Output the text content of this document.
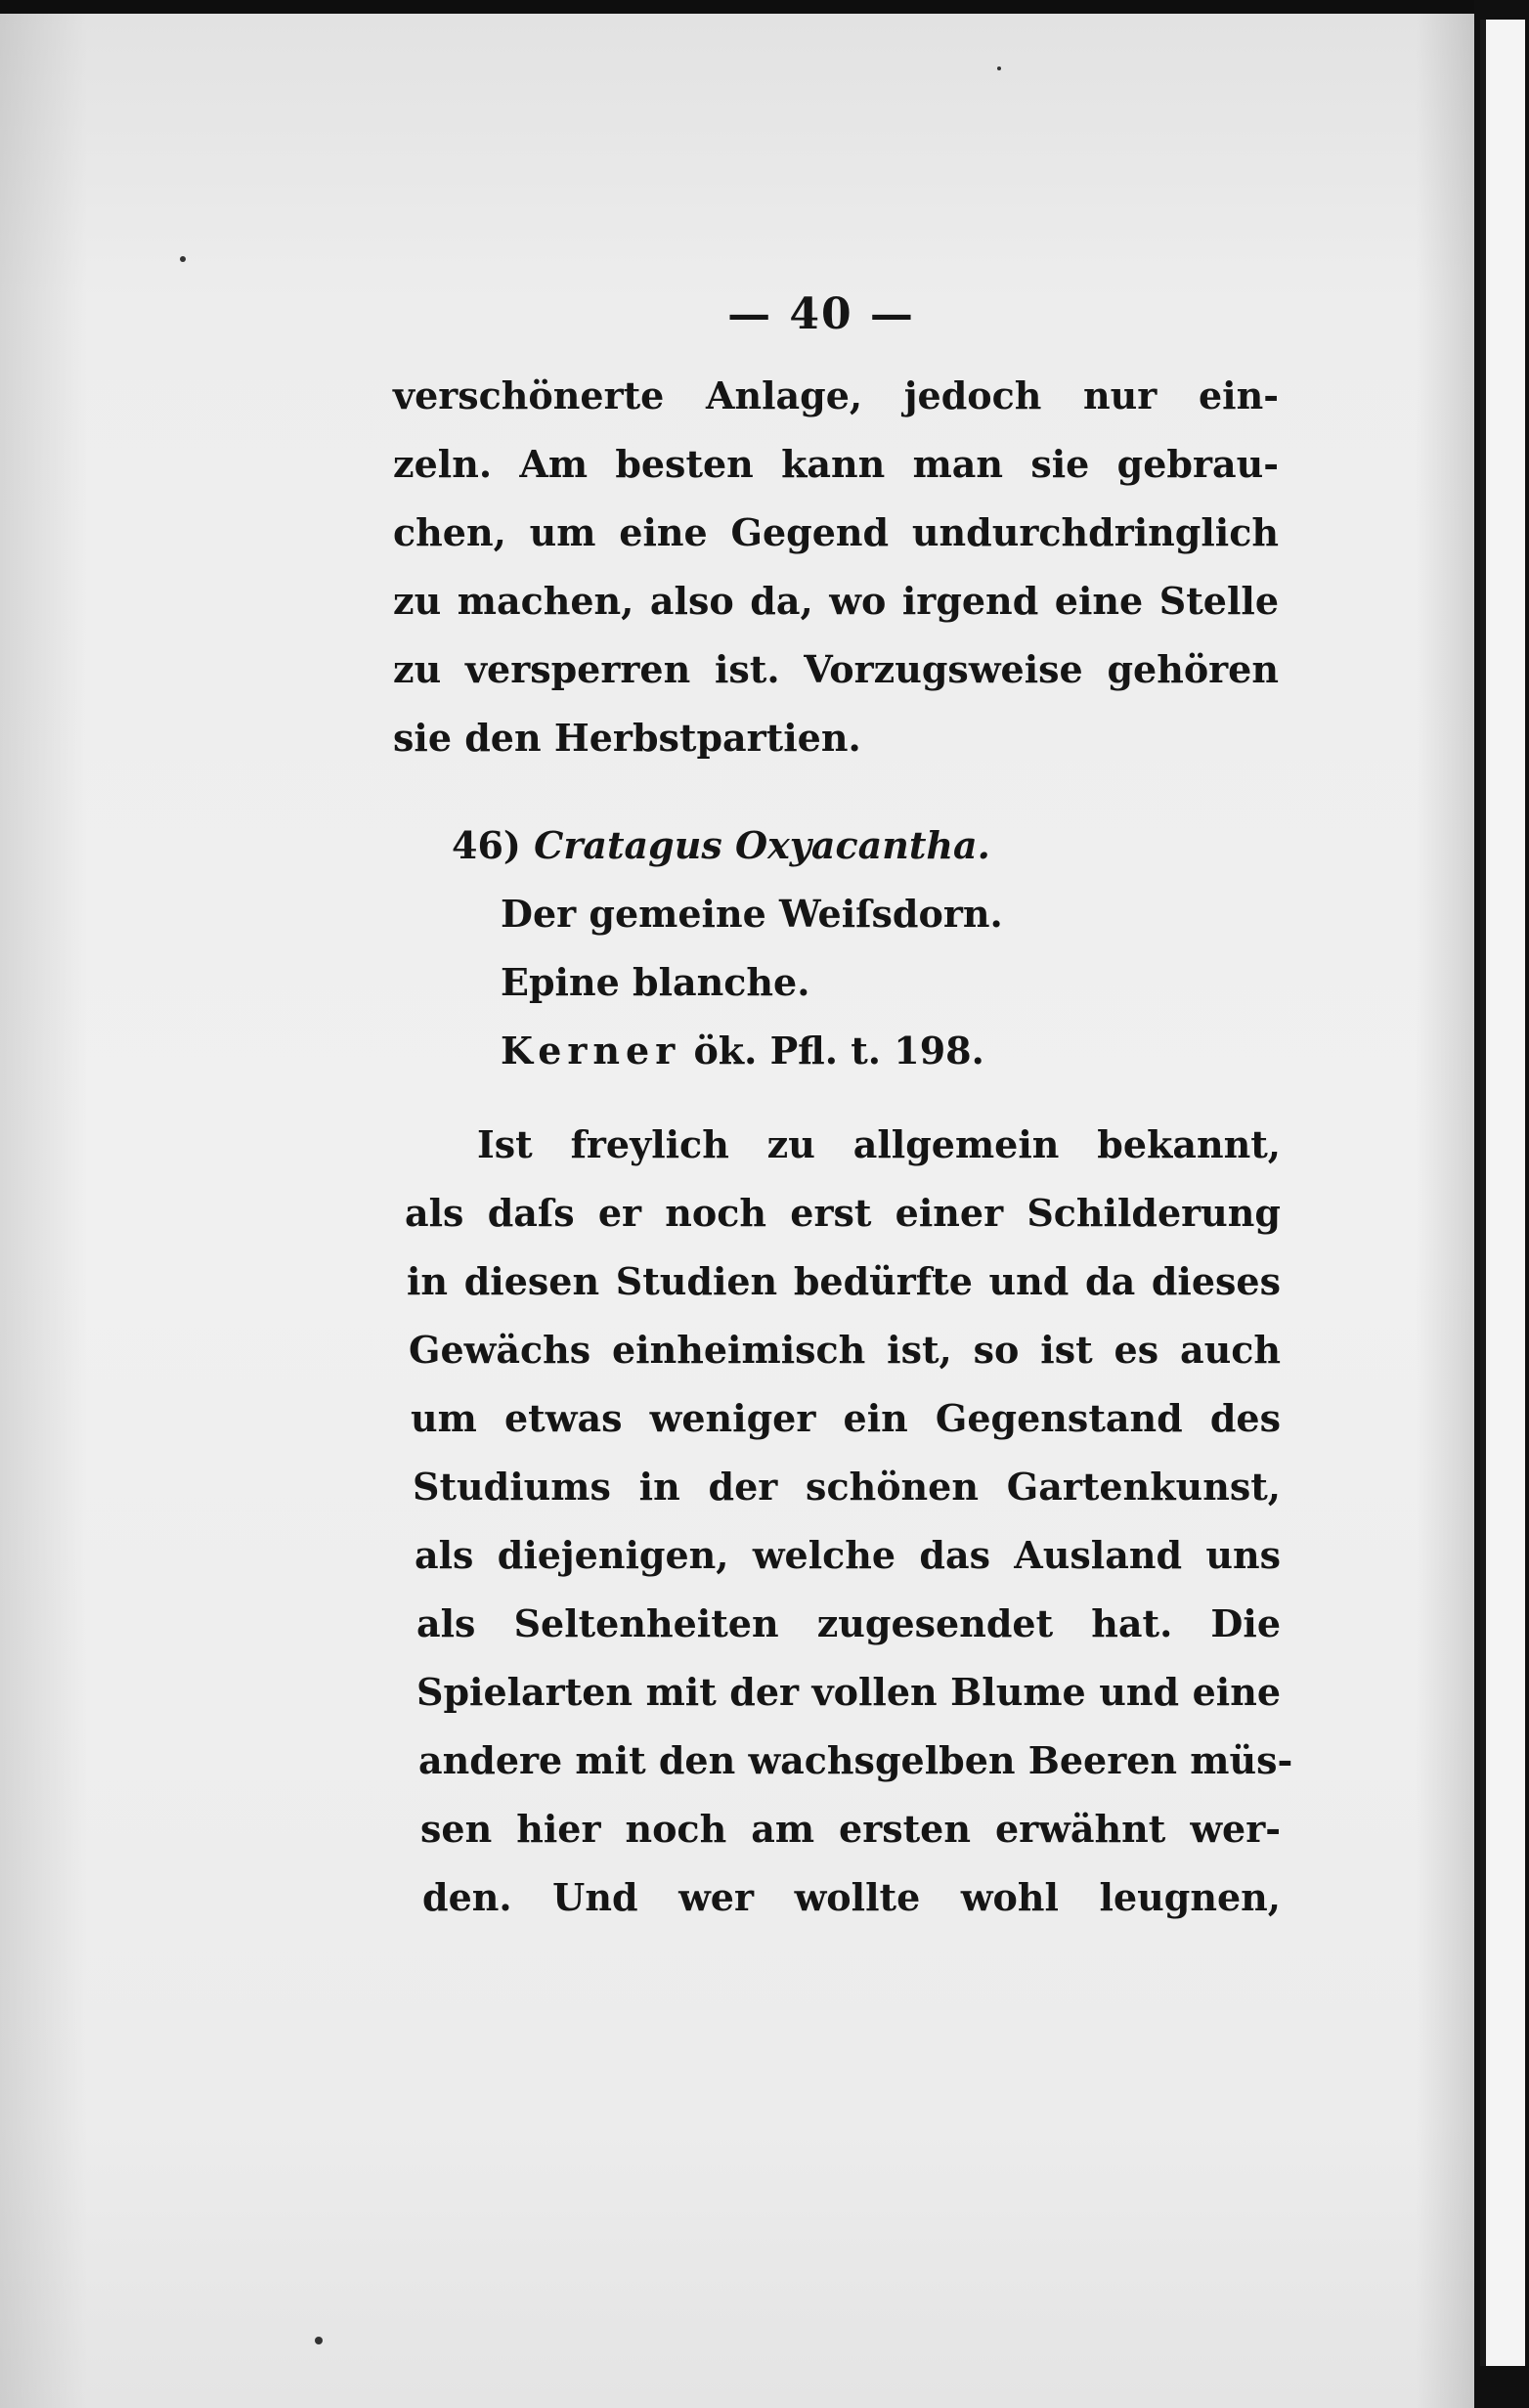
— 40 —
verschönerte Anlage, jedoch nur ein-
zeln. Am besten kann man sie gebrau-
chen, um eine Gegend undurchdringlich
zu machen, also da, wo irgend eine Stelle
zu versperren ist. Vorzugsweise gehören
sie den Herbstpartien.
46) Cratagus Oxyacantha.
Der gemeine Weiſsdorn.
Epine blanche.
Kerner ök. Pfl. t. 198.
Ist freylich zu allgemein bekannt,
als daſs er noch erst einer Schilderung
in diesen Studien bedürfte und da dieses
Gewächs einheimisch ist, so ist es auch
um etwas weniger ein Gegenstand des
Studiums in der schönen Gartenkunst,
als diejenigen, welche das Ausland uns
als Seltenheiten zugesendet hat. Die
Spielarten mit der vollen Blume und eine
andere mit den wachsgelben Beeren müs-
sen hier noch am ersten erwähnt wer-
den. Und wer wollte wohl leugnen,
